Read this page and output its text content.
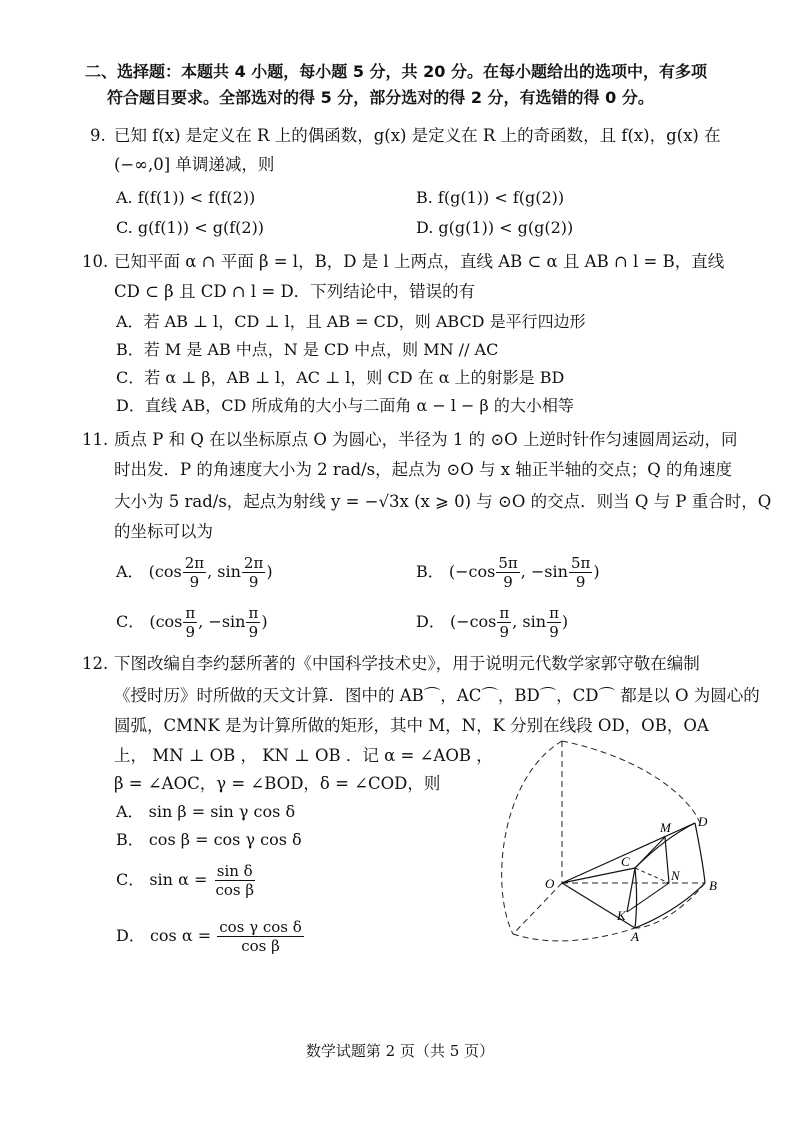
二、选择题：本题共 4 小题，每小题 5 分，共 20 分。在每小题给出的选项中，有多项
符合题目要求。全部选对的得 5 分，部分选对的得 2 分，有选错的得 0 分。
9. 已知 f(x) 是定义在 R 上的偶函数，g(x) 是定义在 R 上的奇函数，且 f(x)，g(x) 在
(−∞,0] 单调递减，则
A. f(f(1)) < f(f(2))	B. f(g(1)) < f(g(2))
C. g(f(1)) < g(f(2))	D. g(g(1)) < g(g(2))
10. 已知平面 α ∩ 平面 β = l，B，D 是 l 上两点，直线 AB ⊂ α 且 AB ∩ l = B，直线
CD ⊂ β 且 CD ∩ l = D．下列结论中，错误的有
A．若 AB ⊥ l，CD ⊥ l，且 AB = CD，则 ABCD 是平行四边形
B．若 M 是 AB 中点，N 是 CD 中点，则 MN // AC
C．若 α ⊥ β，AB ⊥ l，AC ⊥ l，则 CD 在 α 上的射影是 BD
D．直线 AB，CD 所成角的大小与二面角 α − l − β 的大小相等
11. 质点 P 和 Q 在以坐标原点 O 为圆心，半径为 1 的 ⊙O 上逆时针作匀速圆周运动，同
时出发．P 的角速度大小为 2 rad/s，起点为 ⊙O 与 x 轴正半轴的交点；Q 的角速度
大小为 5 rad/s，起点为射线 y = −√3x (x ⩾ 0) 与 ⊙O 的交点．则当 Q 与 P 重合时，Q
的坐标可以为
A． ($\cos \frac{2\pi}{9}$ , $\sin \frac{2\pi}{9}$ )	B． ($-\cos \frac{5\pi}{9}$ , $-\sin \frac{5\pi}{9}$ )
C． ($\cos \frac{\pi}{9}$ , $-\sin \frac{\pi}{9}$ )	D． ($-\cos \frac{\pi}{9}$ , $\sin \frac{\pi}{9}$ )
12. 下图改编自李约瑟所著的《中国科学技术史》，用于说明元代数学家郭守敬在编制
《授时历》时所做的天文计算．图中的 AB⌒，AC⌒，BD⌒，CD⌒ 都是以 O 为圆心的
圆弧，CMNK 是为计算所做的矩形，其中 M，N，K 分别在线段 OD，OB，OA
上， MN ⊥ OB ， KN ⊥ OB ．记 α = ∠AOB ，
β = ∠AOC，γ = ∠BOD，δ = ∠COD，则
A． sin β = sin γ cos δ
B． cos β = cos γ cos δ
C． $\sin \alpha = \frac{\text{sin δ}}{\text{cos β}}$
D． $\cos \alpha = \frac{\text{cos γ cos δ}}{\text{cos β}}$
O	B
D
M
C
N
K
A
数学试题第 2 页（共 5 页）
